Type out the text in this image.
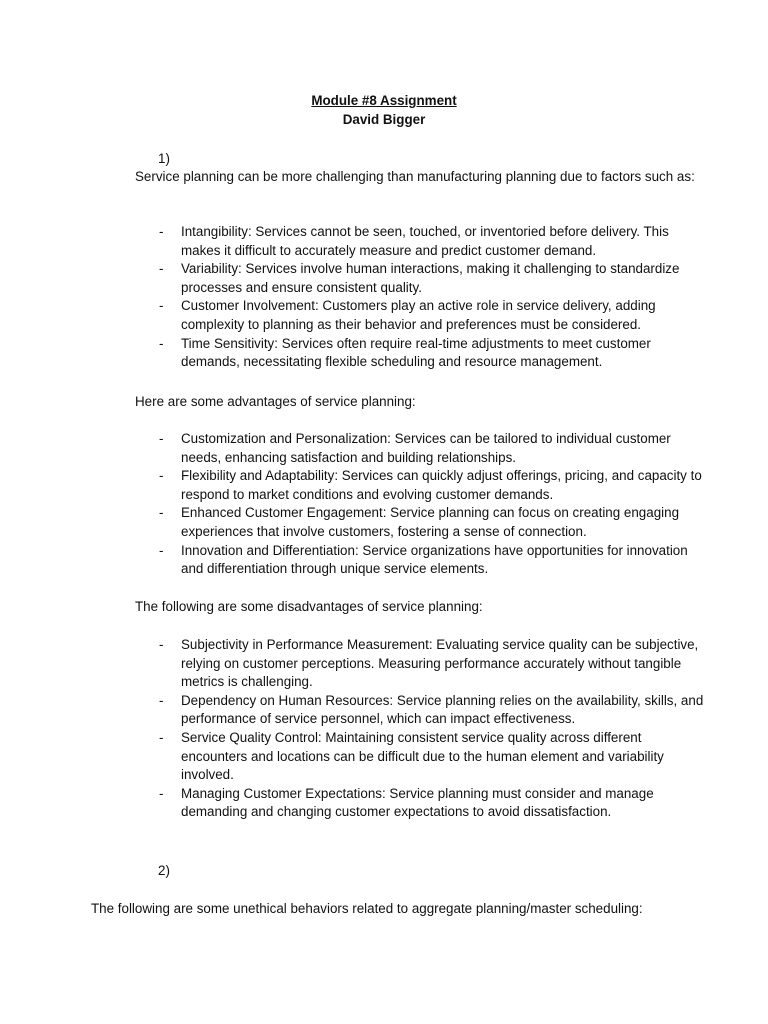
Module #8 Assignment

David Bigger

1)

Service planning can be more challenging than manufacturing planning due to factors such as:

- Intangibility: Services cannot be seen, touched, or inventoried before delivery. This makes it difficult to accurately measure and predict customer demand.
- Variability: Services involve human interactions, making it challenging to standardize processes and ensure consistent quality.
- Customer Involvement: Customers play an active role in service delivery, adding complexity to planning as their behavior and preferences must be considered.
- Time Sensitivity: Services often require real-time adjustments to meet customer demands, necessitating flexible scheduling and resource management.

Here are some advantages of service planning:

- Customization and Personalization: Services can be tailored to individual customer needs, enhancing satisfaction and building relationships.
- Flexibility and Adaptability: Services can quickly adjust offerings, pricing, and capacity to respond to market conditions and evolving customer demands.
- Enhanced Customer Engagement: Service planning can focus on creating engaging experiences that involve customers, fostering a sense of connection.
- Innovation and Differentiation: Service organizations have opportunities for innovation and differentiation through unique service elements.

The following are some disadvantages of service planning:

- Subjectivity in Performance Measurement: Evaluating service quality can be subjective, relying on customer perceptions. Measuring performance accurately without tangible metrics is challenging.
- Dependency on Human Resources: Service planning relies on the availability, skills, and performance of service personnel, which can impact effectiveness.
- Service Quality Control: Maintaining consistent service quality across different encounters and locations can be difficult due to the human element and variability involved.
- Managing Customer Expectations: Service planning must consider and manage demanding and changing customer expectations to avoid dissatisfaction.

2)

The following are some unethical behaviors related to aggregate planning/master scheduling:
